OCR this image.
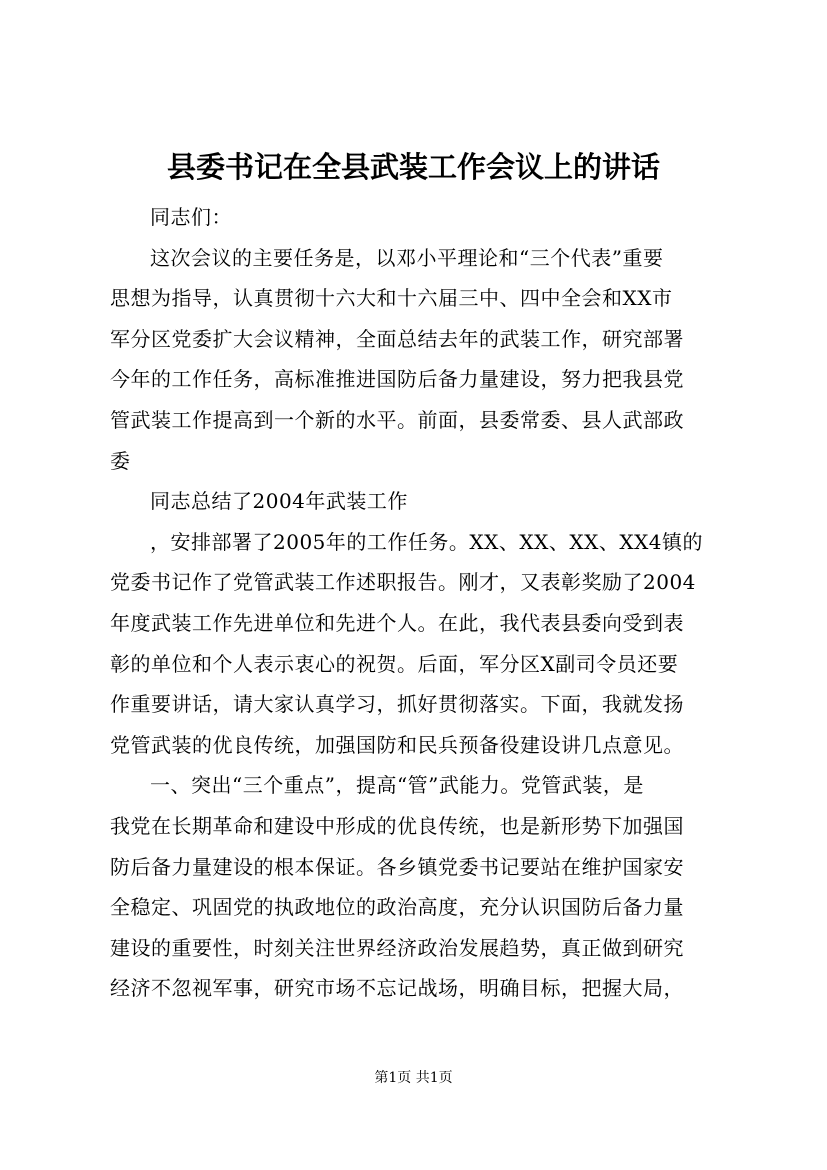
县委书记在全县武装工作会议上的讲话
同志们：
这次会议的主要任务是，以邓小平理论和“三个代表”重要
思想为指导，认真贯彻十六大和十六届三中、四中全会和XX市
军分区党委扩大会议精神，全面总结去年的武装工作，研究部署
今年的工作任务，高标准推进国防后备力量建设，努力把我县党
管武装工作提高到一个新的水平。前面，县委常委、县人武部政
委
同志总结了2004年武装工作
，安排部署了2005年的工作任务。XX、XX、XX、XX4镇的
党委书记作了党管武装工作述职报告。刚才，又表彰奖励了2004
年度武装工作先进单位和先进个人。在此，我代表县委向受到表
彰的单位和个人表示衷心的祝贺。后面，军分区X副司令员还要
作重要讲话，请大家认真学习，抓好贯彻落实。下面，我就发扬
党管武装的优良传统，加强国防和民兵预备役建设讲几点意见。
一、突出“三个重点”，提高“管”武能力。党管武装，是
我党在长期革命和建设中形成的优良传统，也是新形势下加强国
防后备力量建设的根本保证。各乡镇党委书记要站在维护国家安
全稳定、巩固党的执政地位的政治高度，充分认识国防后备力量
建设的重要性，时刻关注世界经济政治发展趋势，真正做到研究
经济不忽视军事，研究市场不忘记战场，明确目标，把握大局，
第1页 共1页
